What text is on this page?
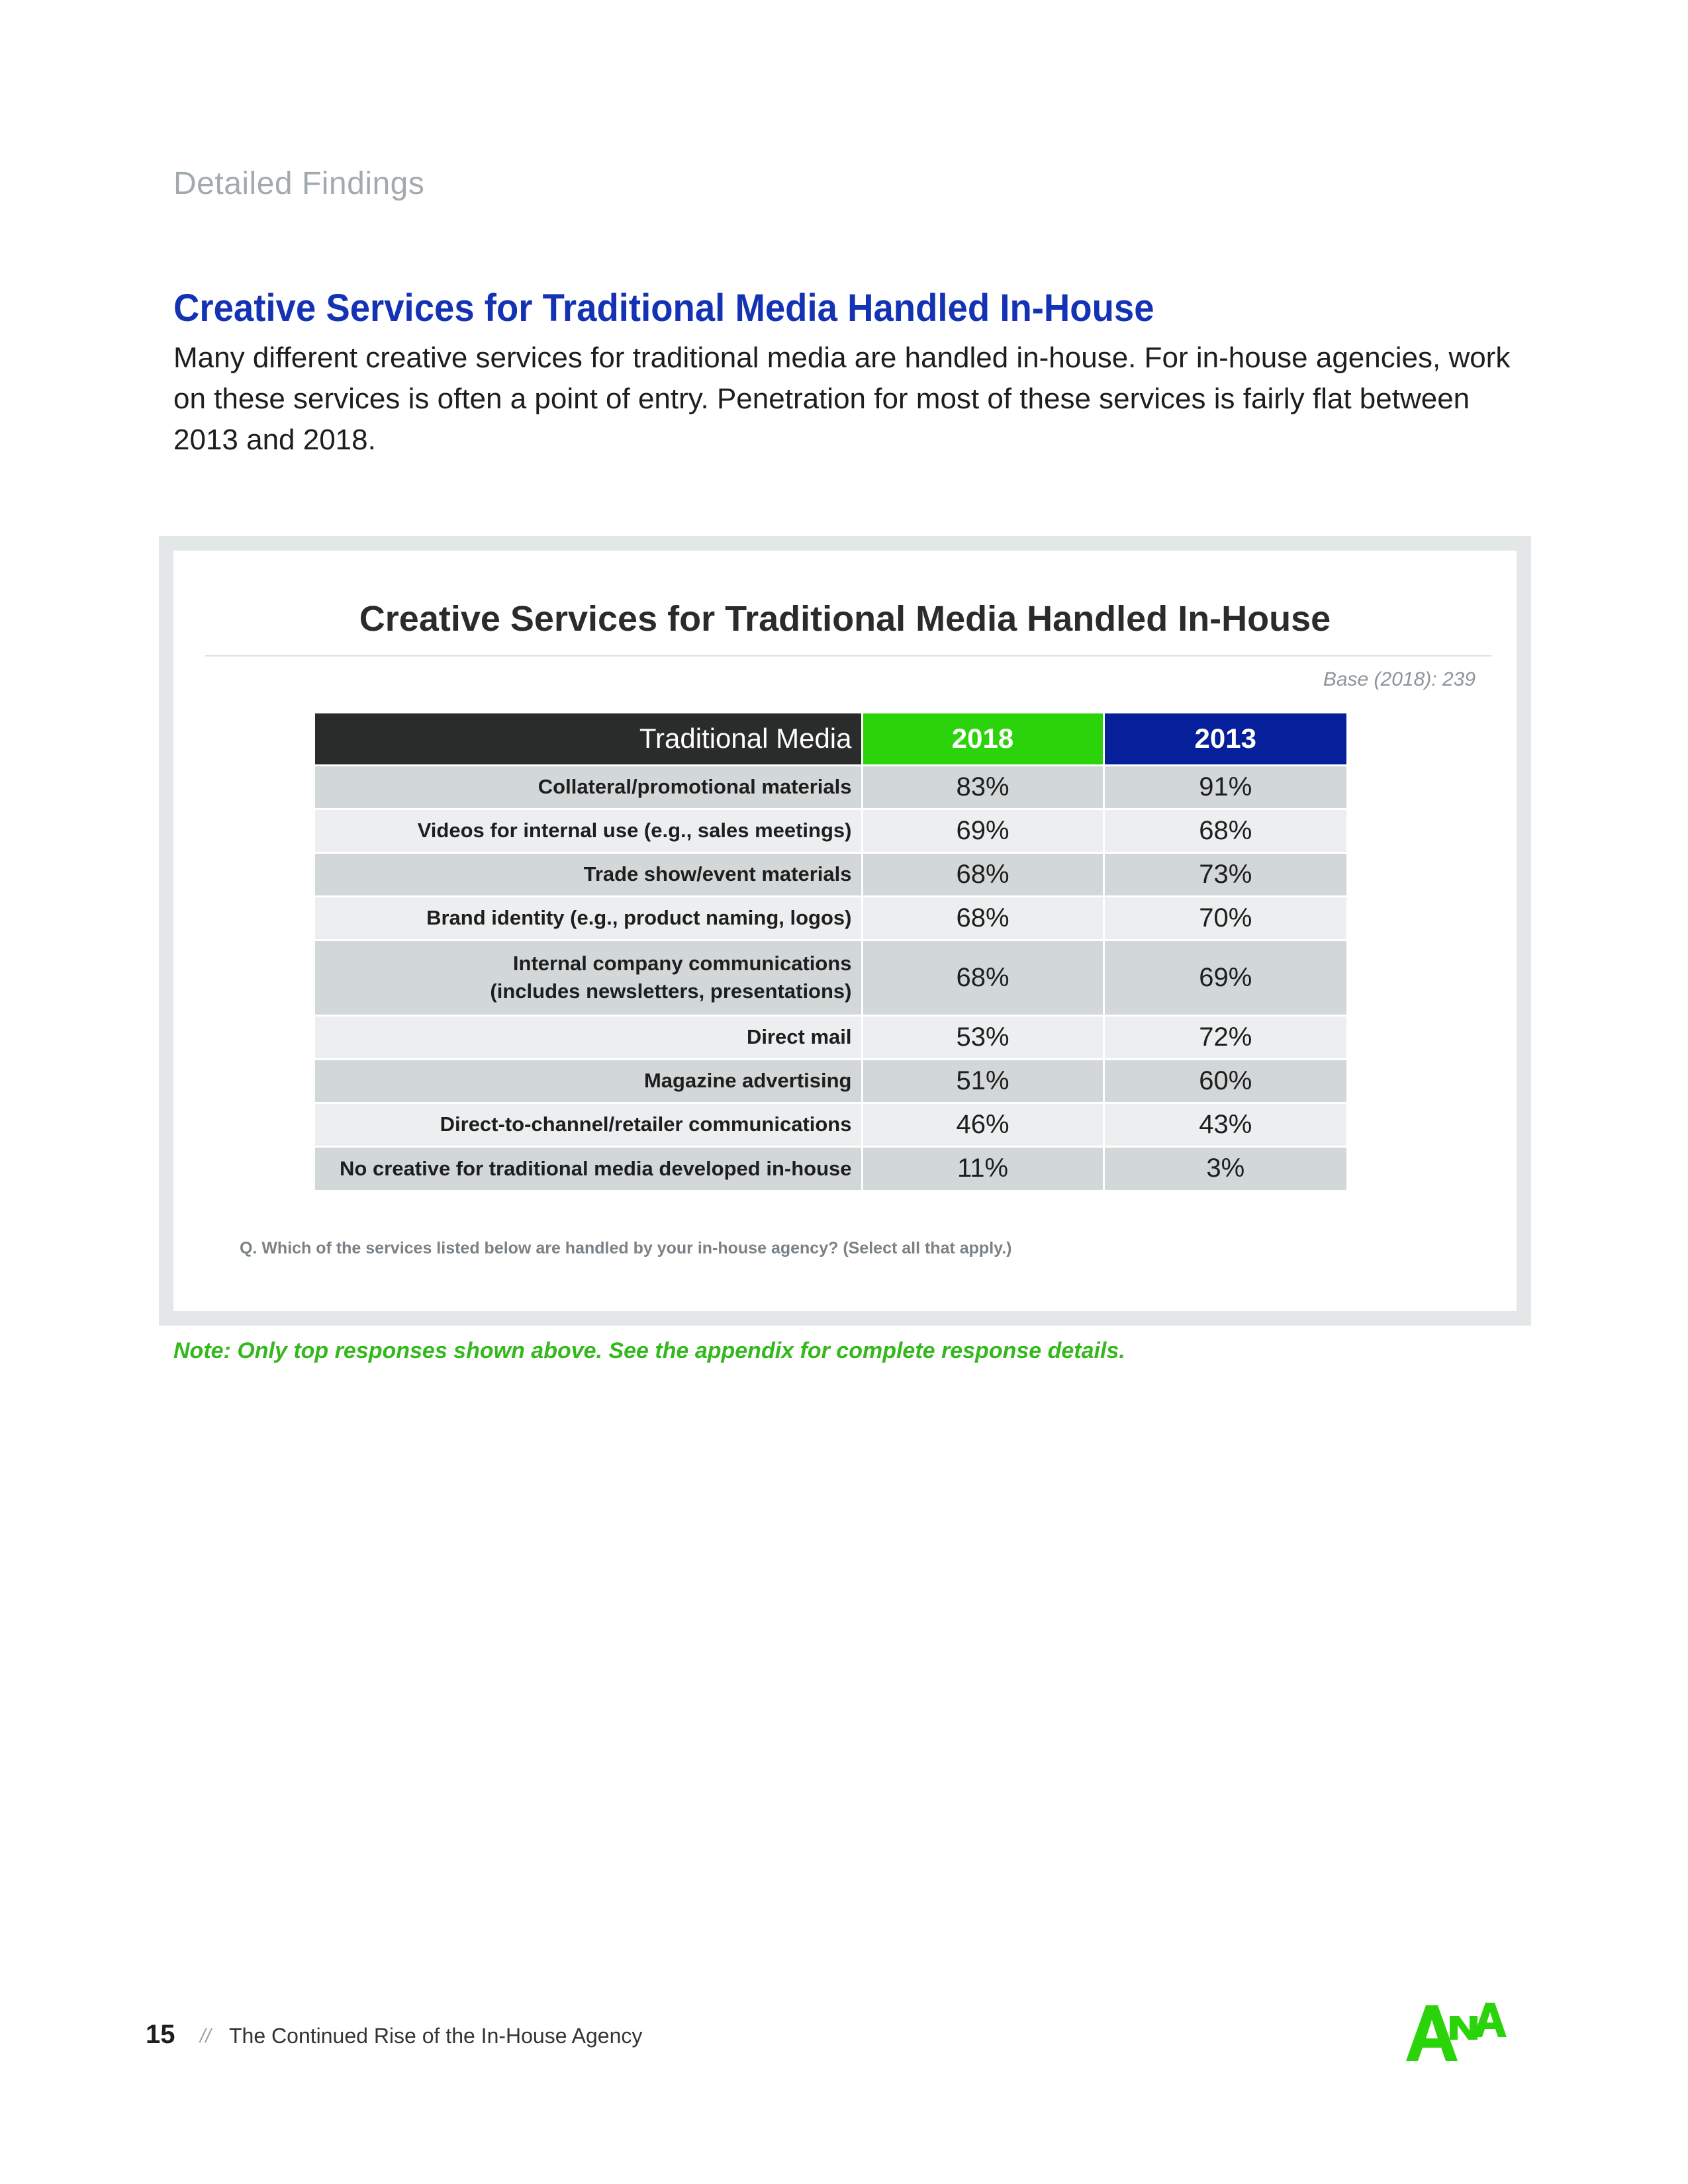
Detailed Findings
Creative Services for Traditional Media Handled In-House

Many different creative services for traditional media are handled in-house. For in-house agencies, work on these services is often a point of entry. Penetration for most of these services is fairly flat between 2013 and 2018.

Creative Services for Traditional Media Handled In-House
Base (2018): 239
Traditional Media	2018	2013
Collateral/promotional materials	83%	91%
Videos for internal use (e.g., sales meetings)	69%	68%
Trade show/event materials	68%	73%
Brand identity (e.g., product naming, logos)	68%	70%

Internal company communications
(includes newsletters, presentations)	68%	69%
Direct mail	53%	72%
Magazine advertising	51%	60%
Direct-to-channel/retailer communications	46%	43%
No creative for traditional media developed in-house	11%	3%
Q. Which of the services listed below are handled by your in-house agency? (Select all that apply.)
Note: Only top responses shown above. See the appendix for complete response details.
15 // The Continued Rise of the In-House Agency
